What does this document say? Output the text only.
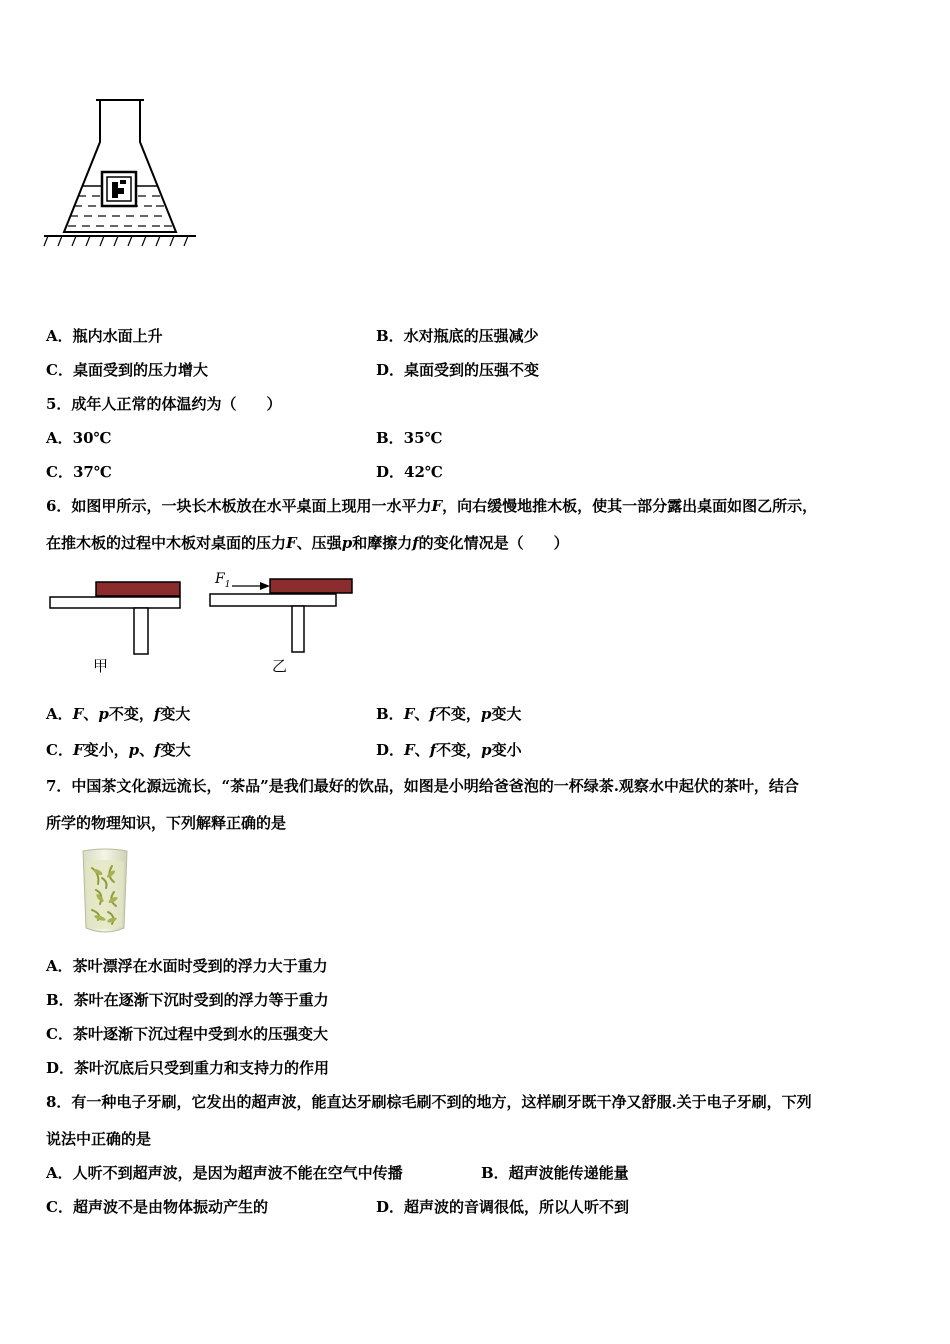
A．瓶内水面上升	B．水对瓶底的压强减少
C．桌面受到的压力增大	D．桌面受到的压强不变
5．成年人正常的体温约为（　　）
A．30℃	B．35℃
C．37℃	D．42℃
6．如图甲所示，一块长木板放在水平桌面上现用一水平力F，向右缓慢地推木板，使其一部分露出桌面如图乙所示，
在推木板的过程中木板对桌面的压力F、压强p和摩擦力f的变化情况是（　　）
$F_1$
甲	乙
A．F、p不变，f变大	B．F、f不变，p变大
C．F变小，p、f变大	D．F、f不变，p变小
7．中国茶文化源远流长，“茶品”是我们最好的饮品，如图是小明给爸爸泡的一杯绿茶.观察水中起伏的茶叶，结合
所学的物理知识，下列解释正确的是
A．茶叶漂浮在水面时受到的浮力大于重力
B．茶叶在逐渐下沉时受到的浮力等于重力
C．茶叶逐渐下沉过程中受到水的压强变大
D．茶叶沉底后只受到重力和支持力的作用
8．有一种电子牙刷，它发出的超声波，能直达牙刷棕毛刷不到的地方，这样刷牙既干净又舒服.关于电子牙刷，下列
说法中正确的是
A．人听不到超声波，是因为超声波不能在空气中传播	B．超声波能传递能量
C．超声波不是由物体振动产生的	D．超声波的音调很低，所以人听不到
